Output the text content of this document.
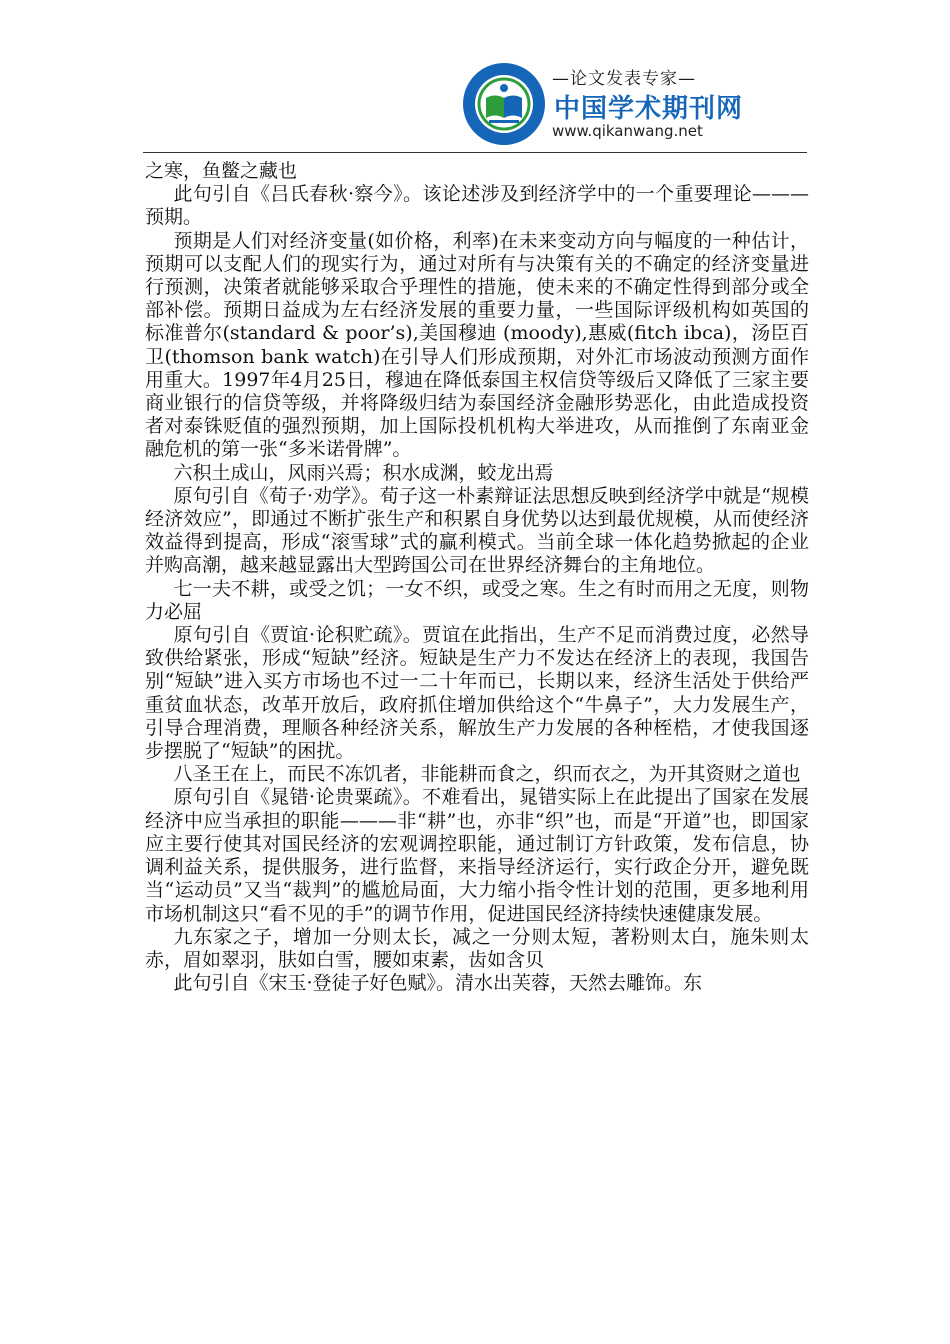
—论文发表专家—
中国学术期刊网
www.qikanwang.net

之寒，鱼鳖之藏也

此句引自《吕氏春秋·察今》。该论述涉及到经济学中的一个重要理论———预期。

预期是人们对经济变量(如价格，利率)在未来变动方向与幅度的一种估计，预期可以支配人们的现实行为，通过对所有与决策有关的不确定的经济变量进行预测，决策者就能够采取合乎理性的措施，使未来的不确定性得到部分或全部补偿。预期日益成为左右经济发展的重要力量，一些国际评级机构如英国的标准普尔(standard & poor’s),美国穆迪 (moody),惠威(fitch ibca)，汤臣百卫(thomson bank watch)在引导人们形成预期，对外汇市场波动预测方面作用重大。1997年4月25日，穆迪在降低泰国主权信贷等级后又降低了三家主要商业银行的信贷等级，并将降级归结为泰国经济金融形势恶化，由此造成投资者对泰铢贬值的强烈预期，加上国际投机机构大举进攻，从而推倒了东南亚金融危机的第一张“多米诺骨牌”。

六积土成山，风雨兴焉；积水成渊，蛟龙出焉

原句引自《荀子·劝学》。荀子这一朴素辩证法思想反映到经济学中就是“规模经济效应”，即通过不断扩张生产和积累自身优势以达到最优规模，从而使经济效益得到提高，形成“滚雪球”式的赢利模式。当前全球一体化趋势掀起的企业并购高潮，越来越显露出大型跨国公司在世界经济舞台的主角地位。

七一夫不耕，或受之饥；一女不织，或受之寒。生之有时而用之无度，则物力必屈

原句引自《贾谊·论积贮疏》。贾谊在此指出，生产不足而消费过度，必然导致供给紧张，形成“短缺”经济。短缺是生产力不发达在经济上的表现，我国告别“短缺”进入买方市场也不过一二十年而已，长期以来，经济生活处于供给严重贫血状态，改革开放后，政府抓住增加供给这个“牛鼻子”，大力发展生产，引导合理消费，理顺各种经济关系，解放生产力发展的各种桎梏，才使我国逐步摆脱了“短缺”的困扰。

八圣王在上，而民不冻饥者，非能耕而食之，织而衣之，为开其资财之道也

原句引自《晁错·论贵粟疏》。不难看出，晁错实际上在此提出了国家在发展经济中应当承担的职能———非“耕”也，亦非“织”也，而是“开道”也，即国家应主要行使其对国民经济的宏观调控职能，通过制订方针政策，发布信息，协调利益关系，提供服务，进行监督，来指导经济运行，实行政企分开，避免既当“运动员”又当“裁判”的尴尬局面，大力缩小指令性计划的范围，更多地利用市场机制这只“看不见的手”的调节作用，促进国民经济持续快速健康发展。

九东家之子，增加一分则太长，减之一分则太短，著粉则太白，施朱则太赤，眉如翠羽，肤如白雪，腰如束素，齿如含贝

此句引自《宋玉·登徒子好色赋》。清水出芙蓉，天然去雕饰。东
